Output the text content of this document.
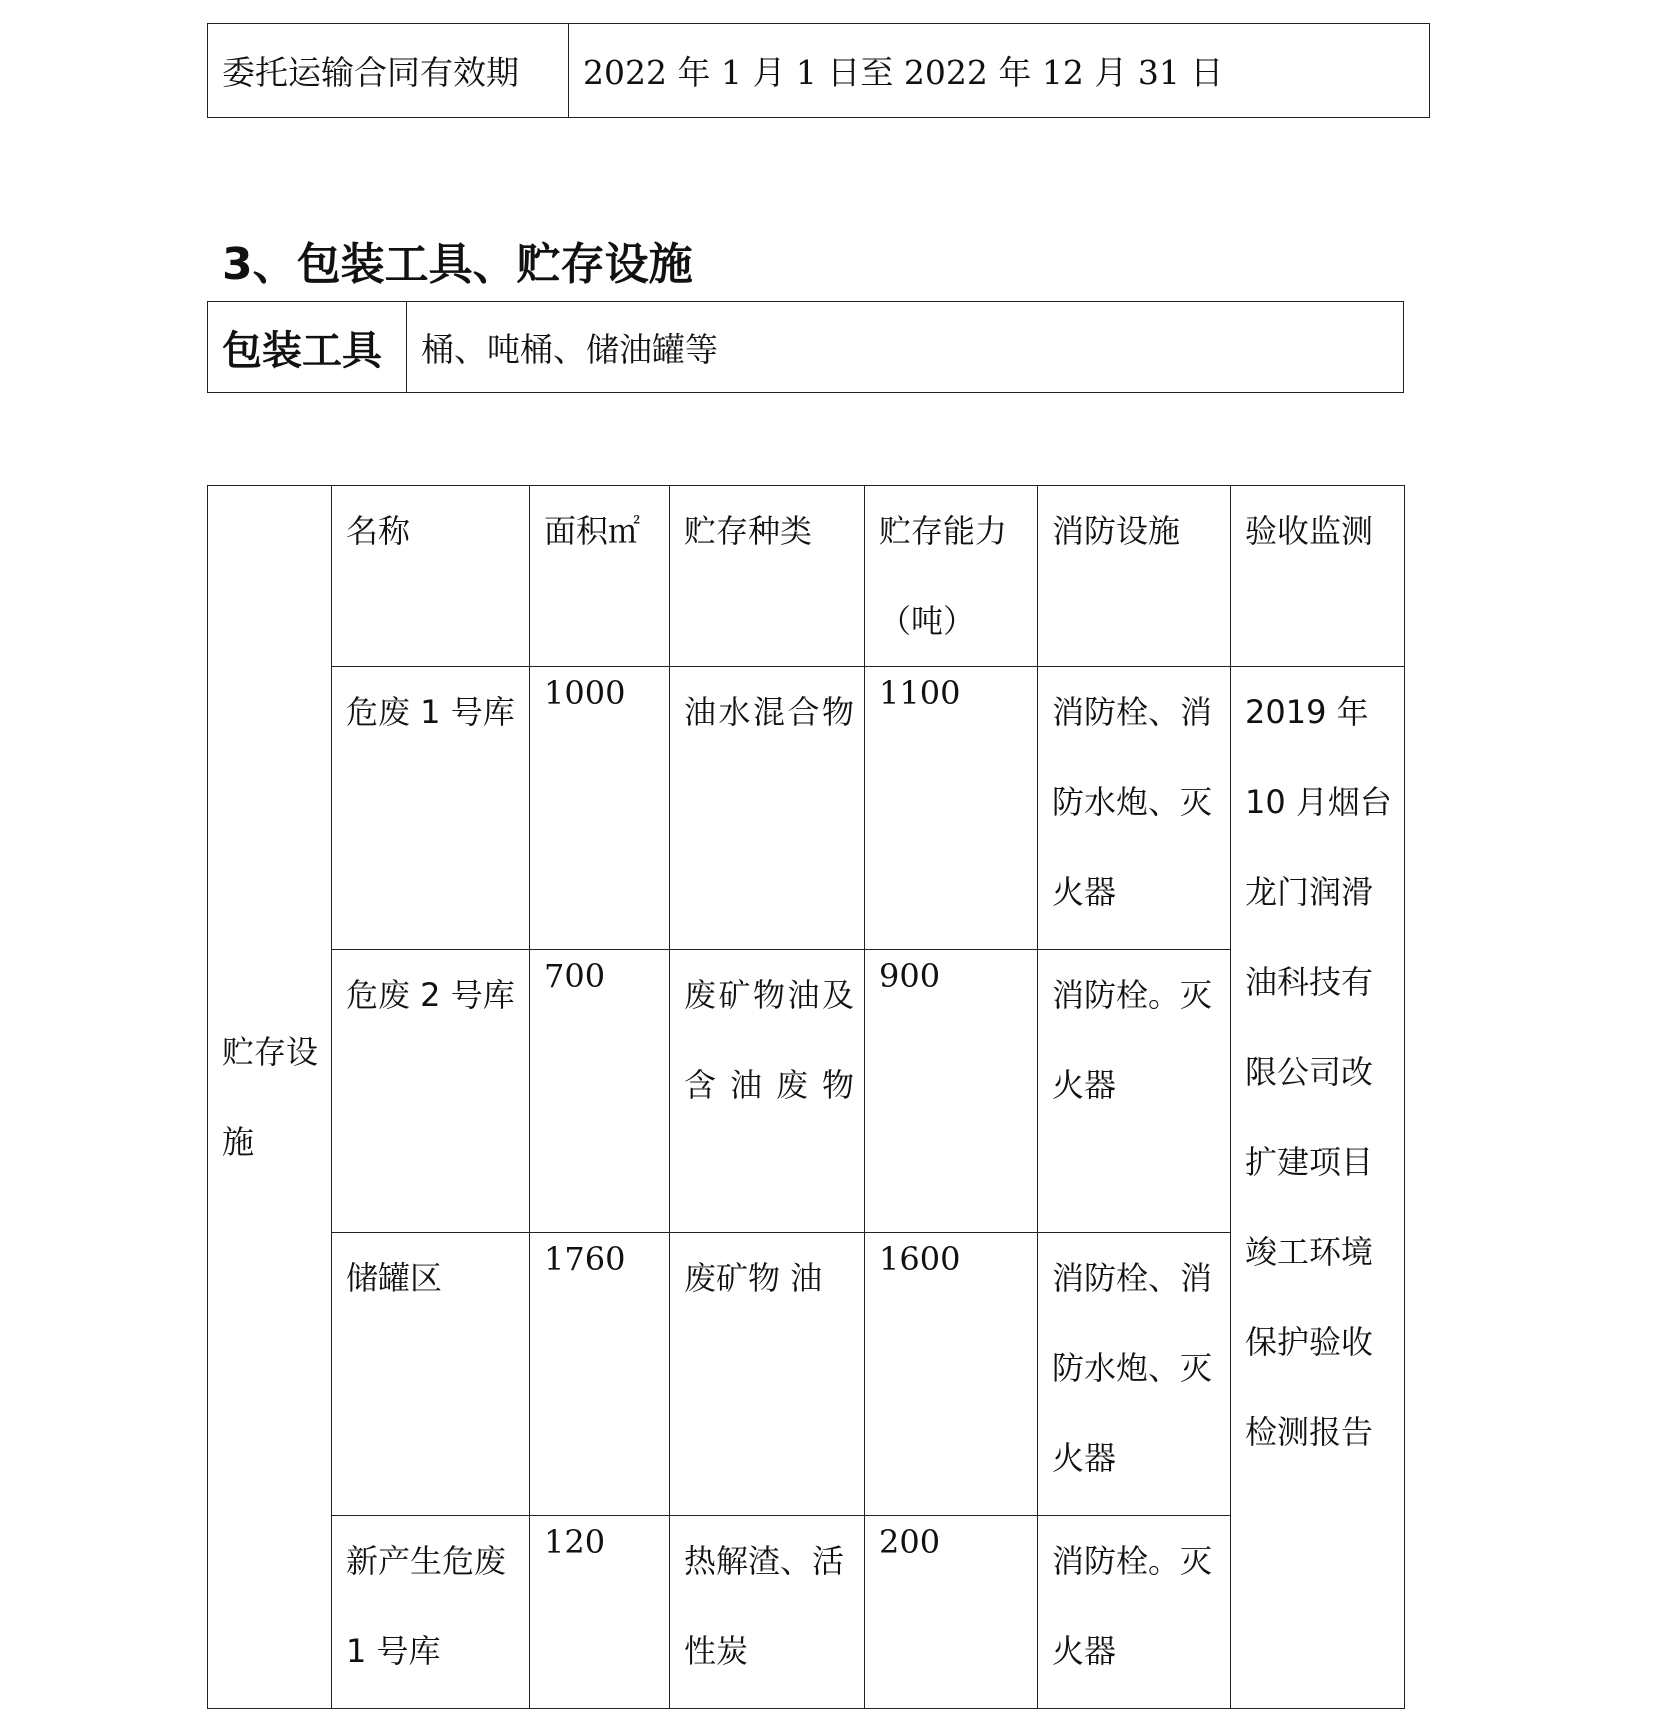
委托运输合同有效期	2022 年 1 月 1 日至 2022 年 12 月 31 日
3、包装工具、贮存设施
包装工具	桶、吨桶、储油罐等
贮存设施	名称	面积㎡	贮存种类	贮存能力（吨）	消防设施	验收监测
	危废 1 号库	1000	油水混合物	1100	消防栓、消防水炮、灭火器	2019 年 10 月烟台龙门润滑油科技有限公司改扩建项目竣工环境保护验收检测报告
	危废 2 号库	700	废矿物油及含油废物	900	消防栓。灭火器	
	储罐区	1760	废矿物 油	1600	消防栓、消防水炮、灭火器	
	新产生危废 1 号库	120	热解渣、活性炭	200	消防栓。灭火器	
